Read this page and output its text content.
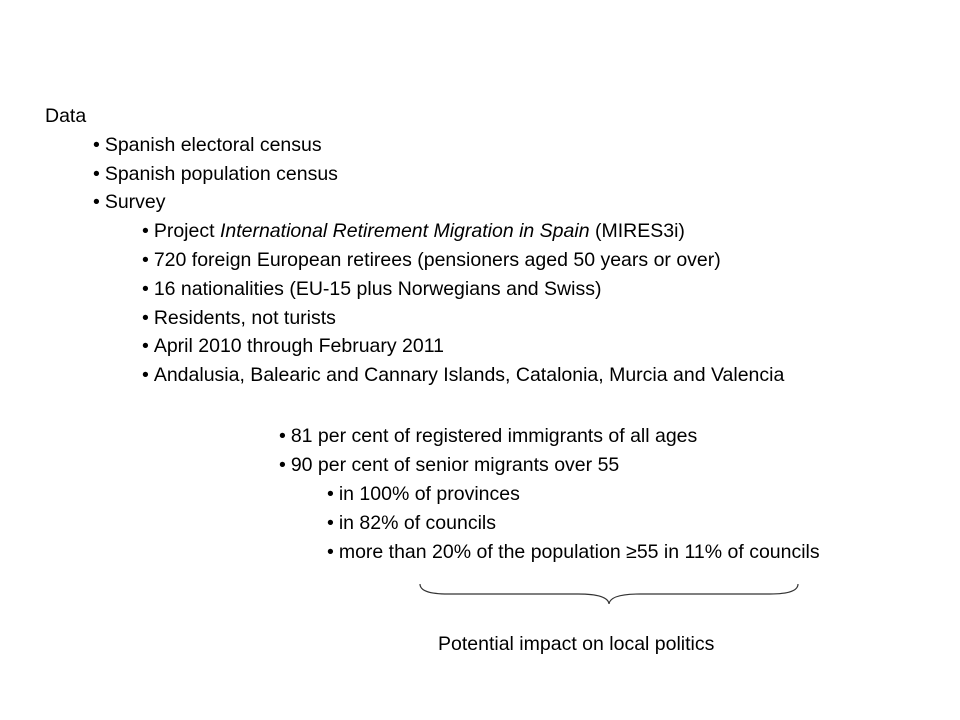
Data
• Spanish electoral census
• Spanish population census
• Survey
• Project International Retirement Migration in Spain (MIRES3i)
• 720 foreign European retirees (pensioners aged 50 years or over)
• 16 nationalities (EU-15 plus Norwegians and Swiss)
• Residents, not turists
• April 2010 through February 2011
• Andalusia, Balearic and Cannary Islands, Catalonia, Murcia and Valencia
• 81 per cent of registered immigrants of all ages
• 90 per cent of senior migrants over 55
• in 100% of provinces
• in 82% of councils
• more than 20% of the population ≥55 in 11% of councils
Potential impact on local politics
